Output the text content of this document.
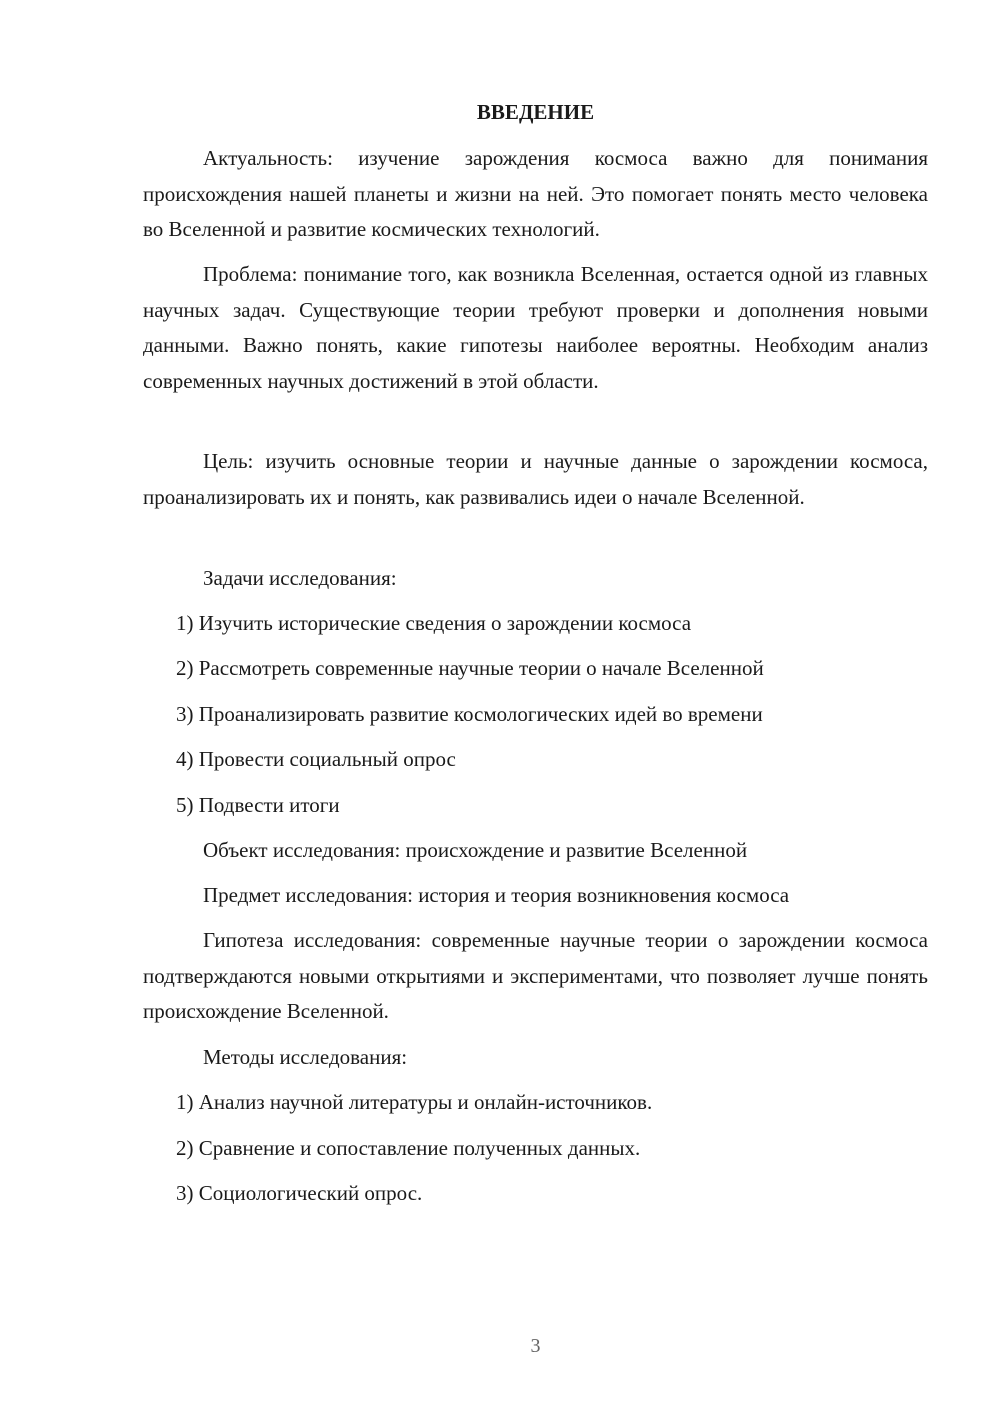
ВВЕДЕНИЕ

Актуальность: изучение зарождения космоса важно для понимания происхождения нашей планеты и жизни на ней. Это помогает понять место человека во Вселенной и развитие космических технологий.

Проблема: понимание того, как возникла Вселенная, остается одной из главных научных задач. Существующие теории требуют проверки и дополнения новыми данными. Важно понять, какие гипотезы наиболее вероятны. Необходим анализ современных научных достижений в этой области.

Цель: изучить основные теории и научные данные о зарождении космоса, проанализировать их и понять, как развивались идеи о начале Вселенной.

Задачи исследования:

1) Изучить исторические сведения о зарождении космоса

2) Рассмотреть современные научные теории о начале Вселенной

3) Проанализировать развитие космологических идей во времени

4) Провести социальный опрос

5) Подвести итоги

Объект исследования: происхождение и развитие Вселенной

Предмет исследования: история и теория возникновения космоса

Гипотеза исследования: современные научные теории о зарождении космоса подтверждаются новыми открытиями и экспериментами, что позволяет лучше понять происхождение Вселенной.

Методы исследования:

1) Анализ научной литературы и онлайн-источников.

2) Сравнение и сопоставление полученных данных.

3) Социологический опрос.

3
